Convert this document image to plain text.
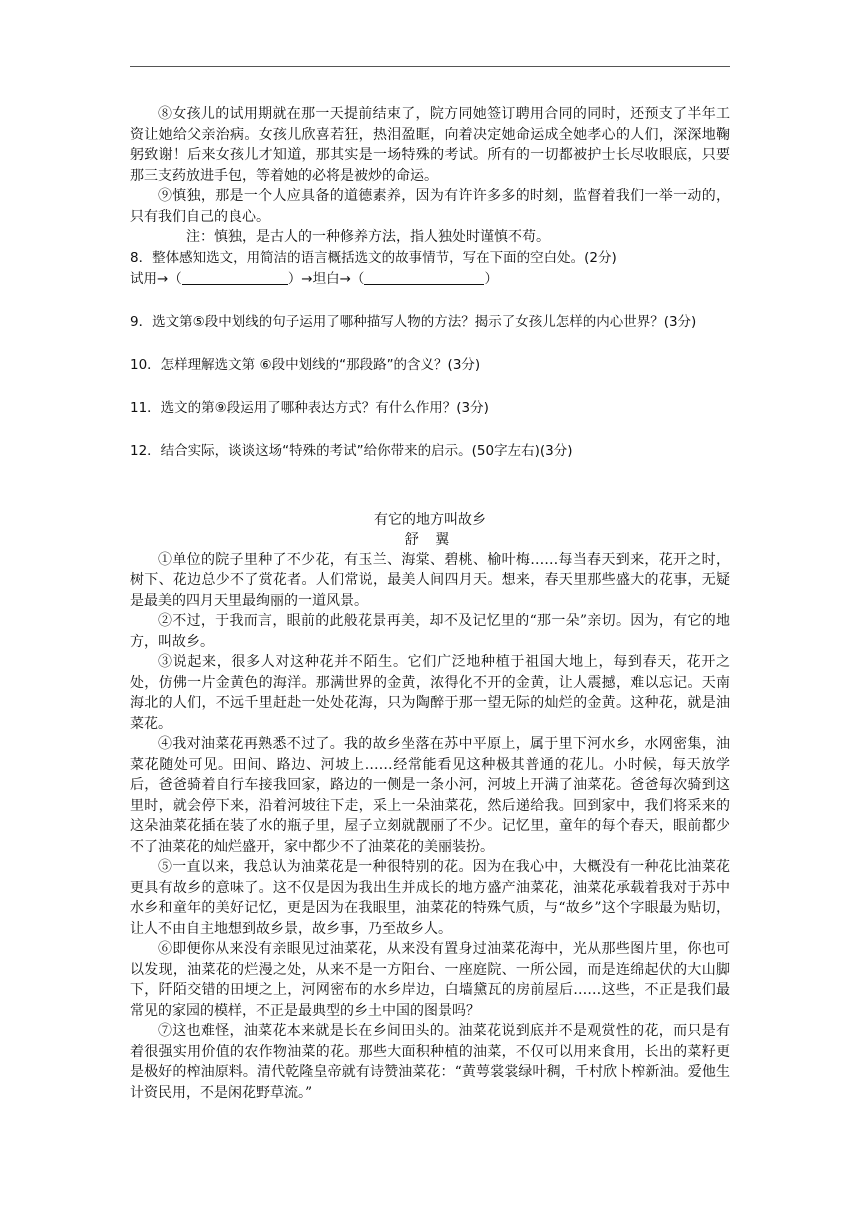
⑧女孩儿的试用期就在那一天提前结束了，院方同她签订聘用合同的同时，还预支了半年工资让她给父亲治病。女孩儿欣喜若狂，热泪盈眶，向着决定她命运成全她孝心的人们，深深地鞠躬致谢！后来女孩儿才知道，那其实是一场特殊的考试。所有的一切都被护士长尽收眼底，只要那三支药放进手包，等着她的必将是被炒的命运。

⑨慎独，那是一个人应具备的道德素养，因为有许许多多的时刻，监督着我们一举一动的，只有我们自己的良心。

注：慎独，是古人的一种修养方法，指人独处时谨慎不苟。

8．整体感知选文，用简洁的语言概括选文的故事情节，写在下面的空白处。(2分)

试用→（	）→坦白→（	）

9．选文第⑤段中划线的句子运用了哪种描写人物的方法？揭示了女孩儿怎样的内心世界？(3分)

10．怎样理解选文第 ⑥段中划线的“那段路”的含义？(3分)

11．选文的第⑨段运用了哪种表达方式？有什么作用？(3分)

12．结合实际，谈谈这场“特殊的考试”给你带来的启示。(50字左右)(3分)

有它的地方叫故乡

舒 翼

①单位的院子里种了不少花，有玉兰、海棠、碧桃、榆叶梅……每当春天到来，花开之时，树下、花边总少不了赏花者。人们常说，最美人间四月天。想来，春天里那些盛大的花事，无疑是最美的四月天里最绚丽的一道风景。

②不过，于我而言，眼前的此般花景再美，却不及记忆里的“那一朵”亲切。因为，有它的地方，叫故乡。

③说起来，很多人对这种花并不陌生。它们广泛地种植于祖国大地上，每到春天，花开之处，仿佛一片金黄色的海洋。那满世界的金黄，浓得化不开的金黄，让人震撼，难以忘记。天南海北的人们，不远千里赶赴一处处花海，只为陶醉于那一望无际的灿烂的金黄。这种花，就是油菜花。

④我对油菜花再熟悉不过了。我的故乡坐落在苏中平原上，属于里下河水乡，水网密集，油菜花随处可见。田间、路边、河坡上……经常能看见这种极其普通的花儿。小时候，每天放学后，爸爸骑着自行车接我回家，路边的一侧是一条小河，河坡上开满了油菜花。爸爸每次骑到这里时，就会停下来，沿着河坡往下走，采上一朵油菜花，然后递给我。回到家中，我们将采来的这朵油菜花插在装了水的瓶子里，屋子立刻就靓丽了不少。记忆里，童年的每个春天，眼前都少不了油菜花的灿烂盛开，家中都少不了油菜花的美丽装扮。

⑤一直以来，我总认为油菜花是一种很特别的花。因为在我心中，大概没有一种花比油菜花更具有故乡的意味了。这不仅是因为我出生并成长的地方盛产油菜花，油菜花承载着我对于苏中水乡和童年的美好记忆，更是因为在我眼里，油菜花的特殊气质，与“故乡”这个字眼最为贴切，让人不由自主地想到故乡景，故乡事，乃至故乡人。

⑥即便你从来没有亲眼见过油菜花，从来没有置身过油菜花海中，光从那些图片里，你也可以发现，油菜花的烂漫之处，从来不是一方阳台、一座庭院、一所公园，而是连绵起伏的大山脚下，阡陌交错的田埂之上，河网密布的水乡岸边，白墙黛瓦的房前屋后……这些，不正是我们最常见的家园的模样，不正是最典型的乡土中国的图景吗？

⑦这也难怪，油菜花本来就是长在乡间田头的。油菜花说到底并不是观赏性的花，而只是有着很强实用价值的农作物油菜的花。那些大面积种植的油菜，不仅可以用来食用，长出的菜籽更是极好的榨油原料。清代乾隆皇帝就有诗赞油菜花：“黄萼裳裳绿叶稠，千村欣卜榨新油。爱他生计资民用，不是闲花野草流。”
